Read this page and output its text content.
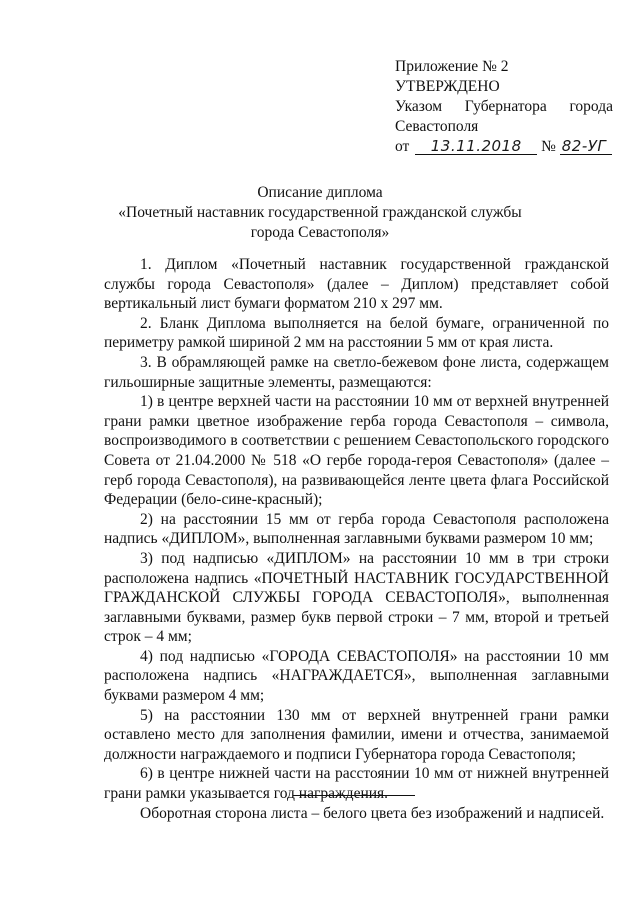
Приложение № 2
УТВЕРЖДЕНО
Указом Губернатора города
Севастополя
от 13.11.2018 № 82-УГ
Описание диплома
«Почетный наставник государственной гражданской службы
города Севастополя»

1. Диплом «Почетный наставник государственной гражданской службы города Севастополя» (далее – Диплом) представляет собой вертикальный лист бумаги форматом 210 х 297 мм.

2. Бланк Диплома выполняется на белой бумаге, ограниченной по периметру рамкой шириной 2 мм на расстоянии 5 мм от края листа.

3. В обрамляющей рамке на светло-бежевом фоне листа, содержащем гильоширные защитные элементы, размещаются:

1) в центре верхней части на расстоянии 10 мм от верхней внутренней грани рамки цветное изображение герба города Севастополя – символа, воспроизводимого в соответствии с решением Севастопольского городского Совета от 21.04.2000 № 518 «О гербе города-героя Севастополя» (далее – герб города Севастополя), на развивающейся ленте цвета флага Российской Федерации (бело-сине-красный);

2) на расстоянии 15 мм от герба города Севастополя расположена надпись «ДИПЛОМ», выполненная заглавными буквами размером 10 мм;

3) под надписью «ДИПЛОМ» на расстоянии 10 мм в три строки расположена надпись «ПОЧЕТНЫЙ НАСТАВНИК ГОСУДАРСТВЕННОЙ ГРАЖДАНСКОЙ СЛУЖБЫ ГОРОДА СЕВАСТОПОЛЯ», выполненная заглавными буквами, размер букв первой строки – 7 мм, второй и третьей строк – 4 мм;

4) под надписью «ГОРОДА СЕВАСТОПОЛЯ» на расстоянии 10 мм расположена надпись «НАГРАЖДАЕТСЯ», выполненная заглавными буквами размером 4 мм;

5) на расстоянии 130 мм от верхней внутренней грани рамки оставлено место для заполнения фамилии, имени и отчества, занимаемой должности награждаемого и подписи Губернатора города Севастополя;

6) в центре нижней части на расстоянии 10 мм от нижней внутренней грани рамки указывается год награждения.

Оборотная сторона листа – белого цвета без изображений и надписей.
